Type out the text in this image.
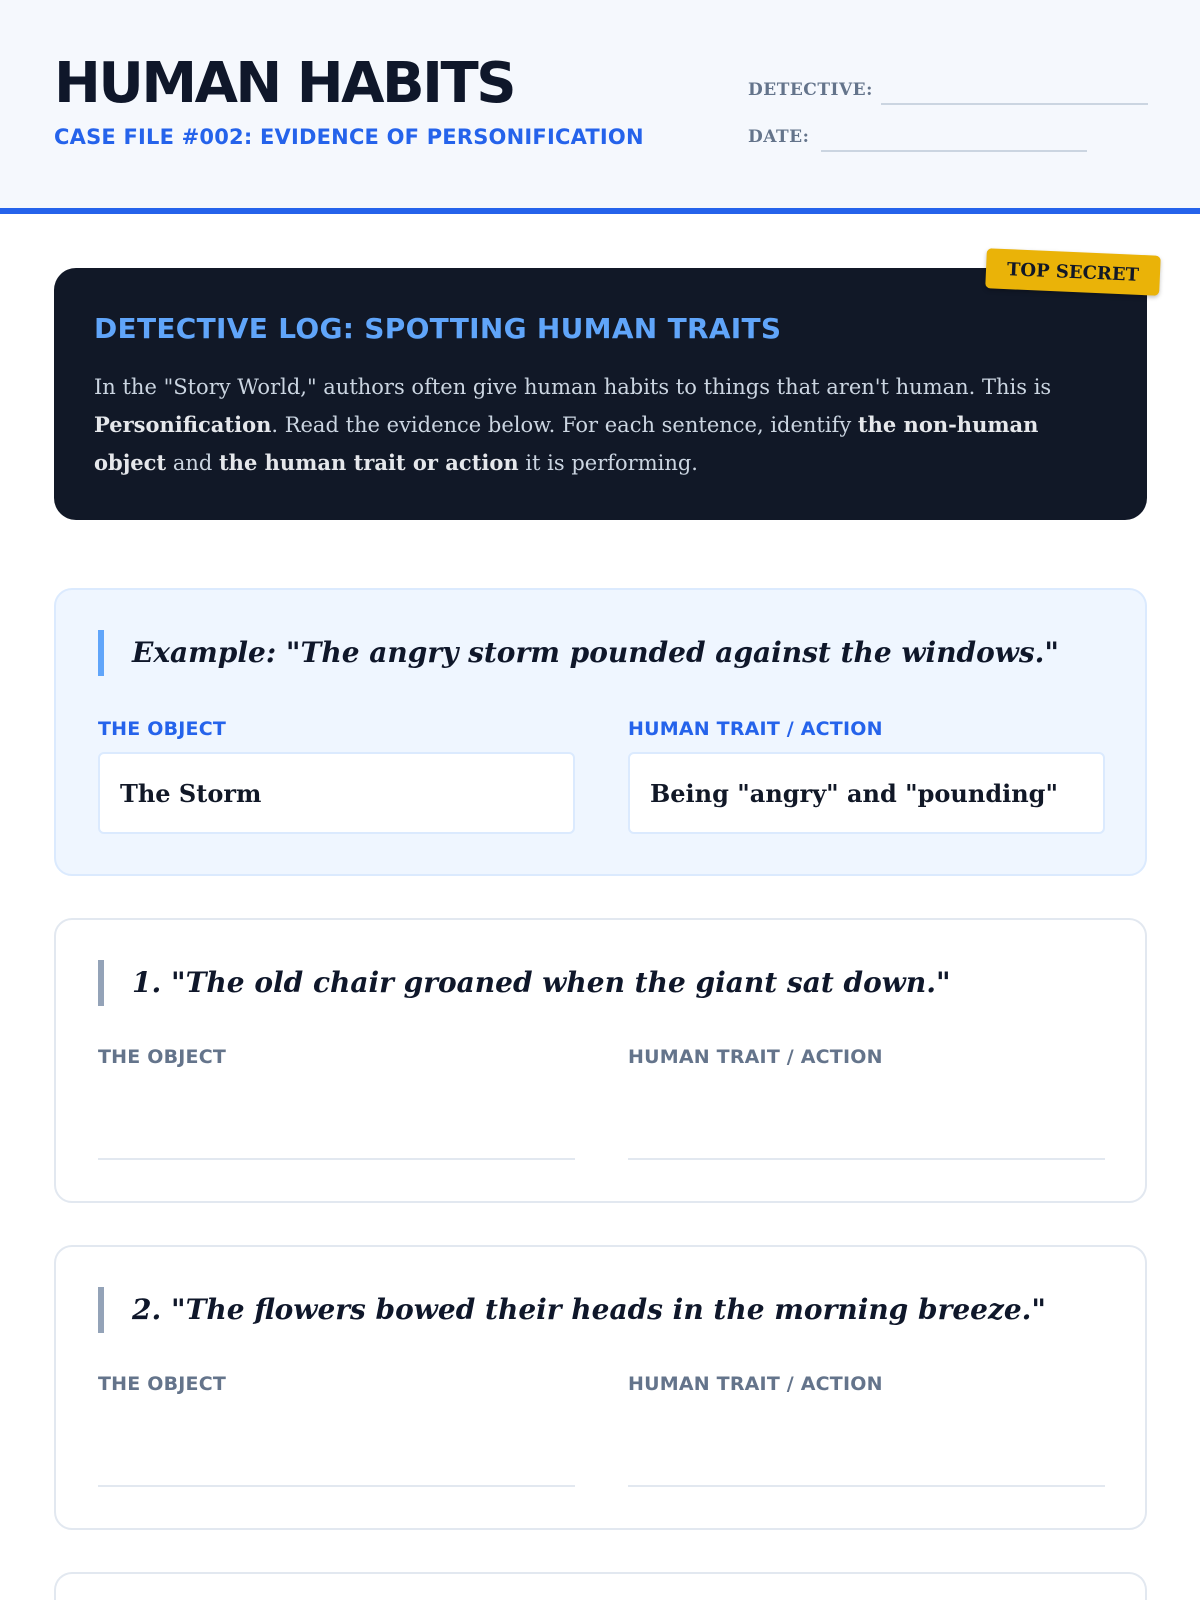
HUMAN HABITS
CASE FILE #002: EVIDENCE OF PERSONIFICATION
DETECTIVE:
DATE:
DETECTIVE LOG: SPOTTING HUMAN TRAITS
In the "Story World," authors often give human habits to things that aren't human. This is Personification. Read the evidence below. For each sentence, identify the non-human object and the human trait or action it is performing.
TOP SECRET
Example: "The angry storm pounded against the windows."
THE OBJECT	HUMAN TRAIT / ACTION
The Storm	Being "angry" and "pounding"
1. "The old chair groaned when the giant sat down."
THE OBJECT	HUMAN TRAIT / ACTION
2. "The flowers bowed their heads in the morning breeze."
THE OBJECT	HUMAN TRAIT / ACTION
